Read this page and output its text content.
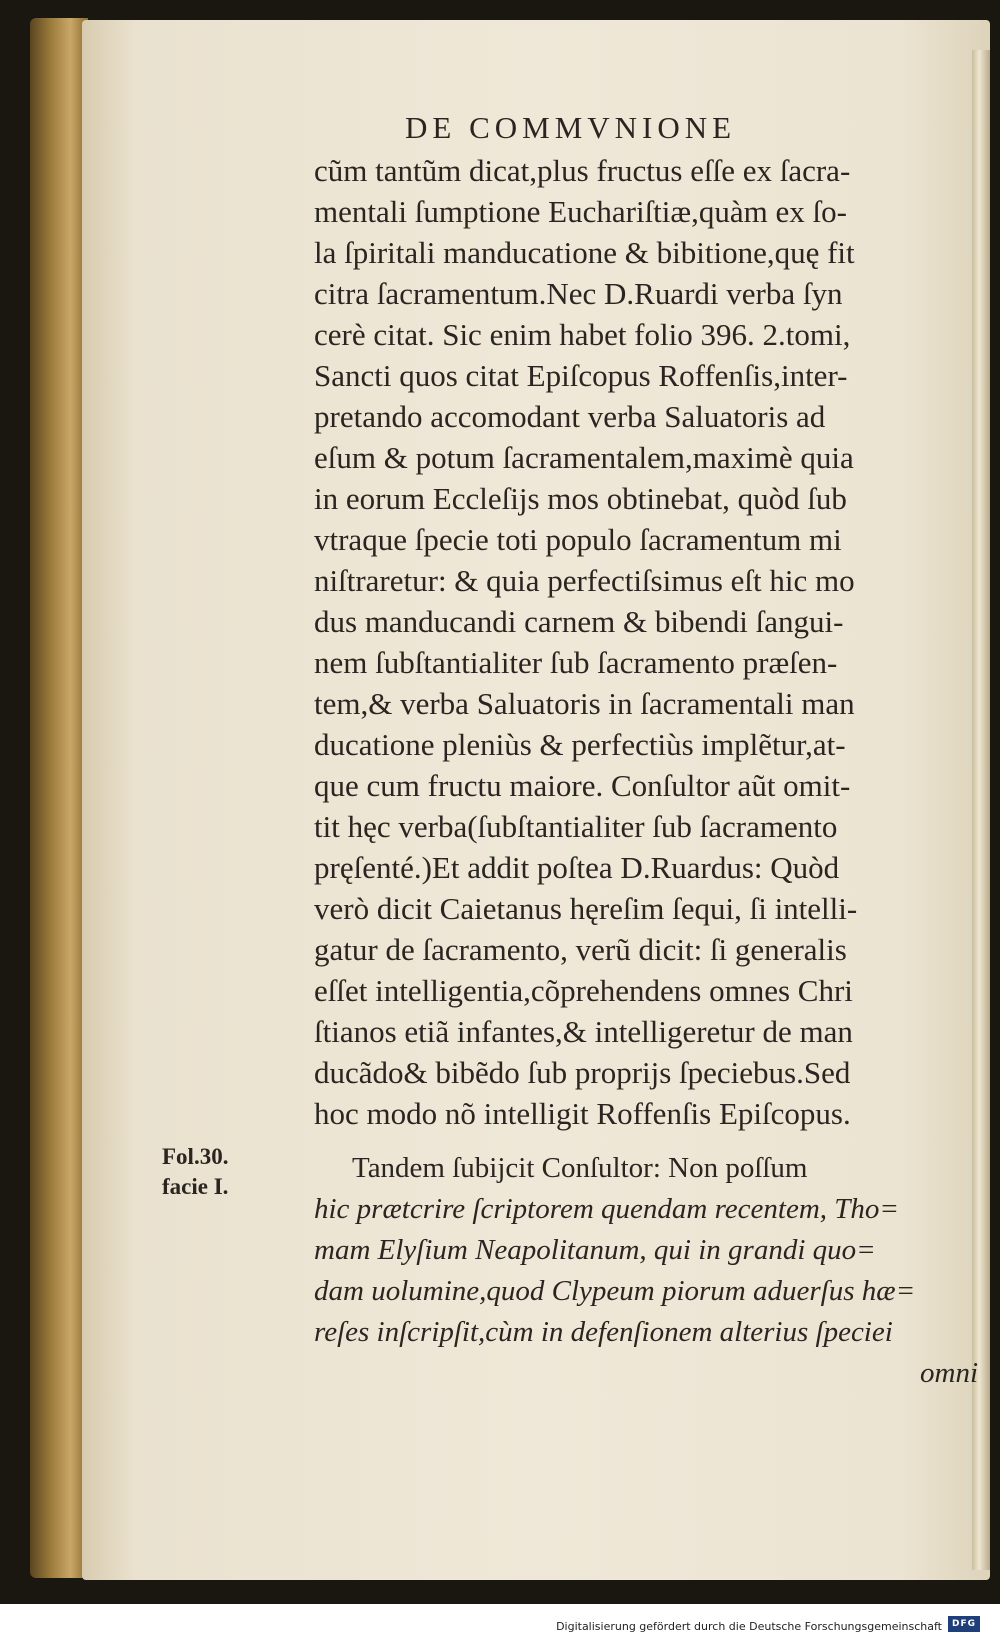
DE COMMVNIONE
cũm tantũm dicat,plus fructus eſſe ex ſacra-
mentali ſumptione Euchariſtiæ,quàm ex ſo-
la ſpiritali manducatione & bibitione,quę fit
citra ſacramentum.Nec D.Ruardi verba ſyn
cerè citat. Sic enim habet folio 396. 2.tomi,
Sancti quos citat Epiſcopus Roffenſis,inter-
pretando accomodant verba Saluatoris ad
eſum & potum ſacramentalem,maximè quia
in eorum Eccleſijs mos obtinebat, quòd ſub
vtraque ſpecie toti populo ſacramentum mi
niſtraretur: & quia perfectiſsimus eſt hic mo
dus manducandi carnem & bibendi ſangui-
nem ſubſtantialiter ſub ſacramento præſen-
tem,& verba Saluatoris in ſacramentali man
ducatione pleniùs & perfectiùs implẽtur,at-
que cum fructu maiore. Conſultor aũt omit-
tit hęc verba(ſubſtantialiter ſub ſacramento
pręſenté.)Et addit poſtea D.Ruardus: Quòd
verò dicit Caietanus hęreſim ſequi, ſi intelli-
gatur de ſacramento, verũ dicit: ſi generalis
eſſet intelligentia,cõprehendens omnes Chri
ſtianos etiã infantes,& intelligeretur de man
ducãdo& bibẽdo ſub proprijs ſpeciebus.Sed
hoc modo nõ intelligit Roffenſis Epiſcopus.
Fol.30.
facie I.
Tandem ſubijcit Conſultor: Non poſſum
hic prætcrire ſcriptorem quendam recentem, Tho=
mam Elyſium Neapolitanum, qui in grandi quo=
dam uolumine,quod Clypeum piorum aduerſus hæ=
reſes inſcripſit,cùm in defenſionem alterius ſpeciei
omni
Digitalisierung gefördert durch die Deutsche Forschungsgemeinschaft	DFG
